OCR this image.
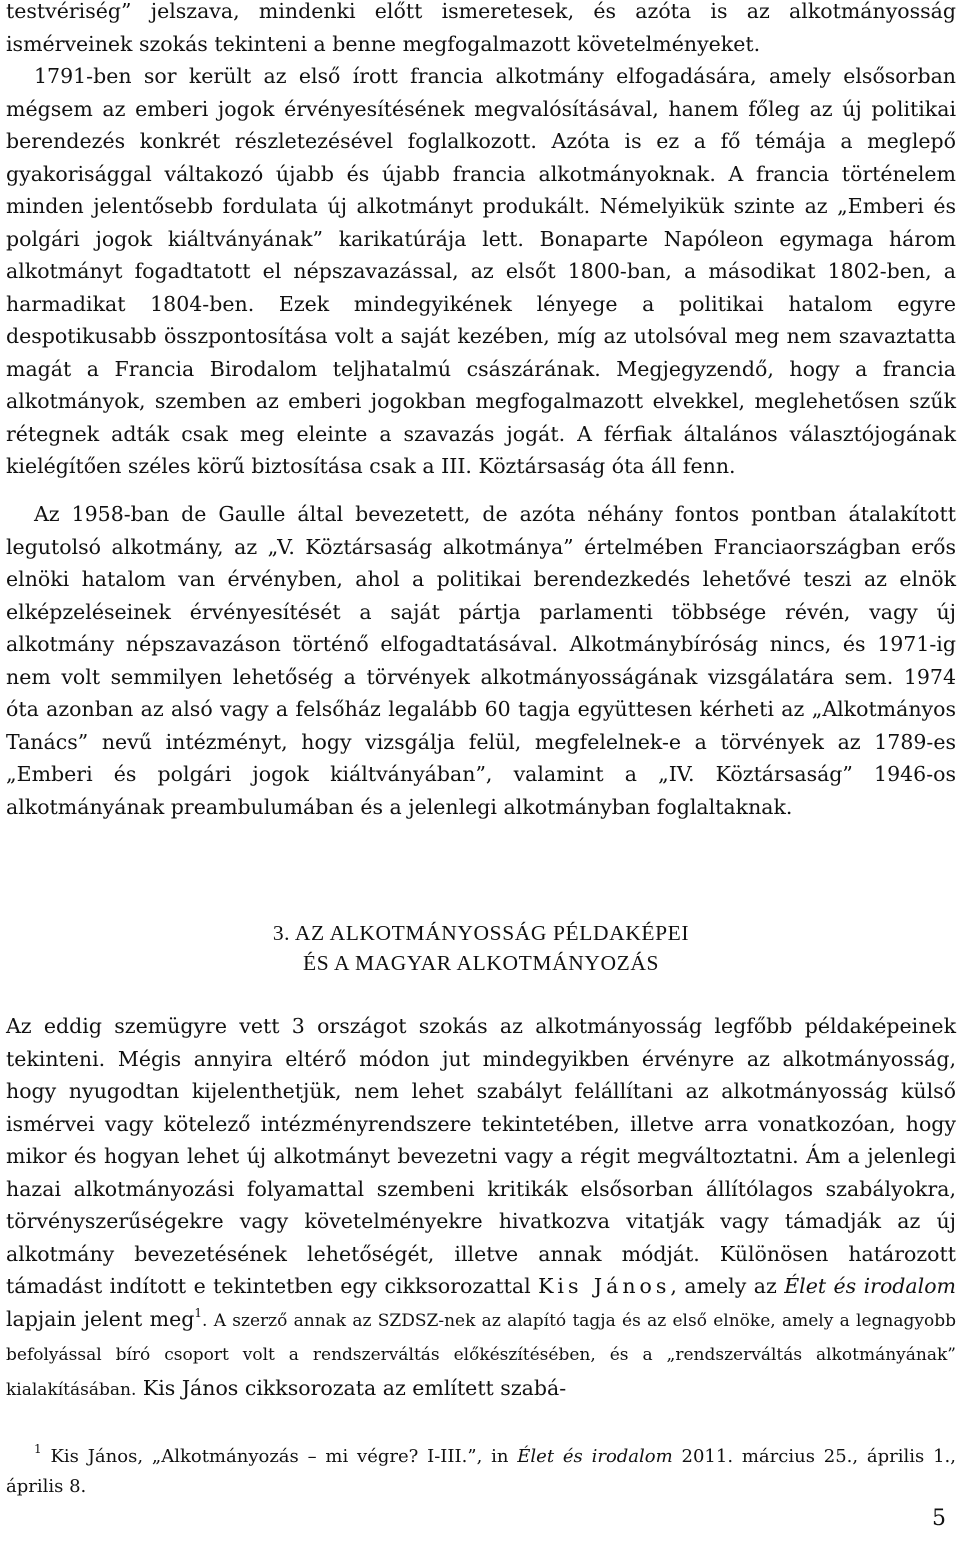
testvériség” jelszava, mindenki előtt ismeretesek, és azóta is az alkotmányosság ismérveinek szokás tekinteni a benne megfogalmazott követelményeket.

1791-ben sor került az első írott francia alkotmány elfogadására, amely elsősorban mégsem az emberi jogok érvényesítésének megvalósításával, hanem főleg az új politikai berendezés konkrét részletezésével foglalkozott. Azóta is ez a fő témája a meglepő gyakorisággal váltakozó újabb és újabb francia alkotmányoknak. A francia történelem minden jelentősebb fordulata új alkotmányt produkált. Némelyikük szinte az „Emberi és polgári jogok kiáltványának” karikatúrája lett. Bonaparte Napóleon egymaga három alkotmányt fogadtatott el népszavazással, az elsőt 1800-ban, a másodikat 1802-ben, a harmadikat 1804-ben. Ezek mindegyikének lényege a politikai hatalom egyre despotikusabb összpontosítása volt a saját kezében, míg az utolsóval meg nem szavaztatta magát a Francia Birodalom teljhatalmú császárának. Megjegyzendő, hogy a francia alkotmányok, szemben az emberi jogokban megfogalmazott elvekkel, meglehetősen szűk rétegnek adták csak meg eleinte a szavazás jogát. A férfiak általános választójogának kielégítően széles körű biztosítása csak a III. Köztársaság óta áll fenn.

Az 1958-ban de Gaulle által bevezetett, de azóta néhány fontos pontban átalakított legutolsó alkotmány, az „V. Köztársaság alkotmánya” értelmében Franciaországban erős elnöki hatalom van érvényben, ahol a politikai berendezkedés lehetővé teszi az elnök elképzeléseinek érvényesítését a saját pártja parlamenti többsége révén, vagy új alkotmány népszavazáson történő elfogadtatásával. Alkotmánybíróság nincs, és 1971-ig nem volt semmilyen lehetőség a törvények alkotmányosságának vizsgálatára sem. 1974 óta azonban az alsó vagy a felsőház legalább 60 tagja együttesen kérheti az „Alkotmányos Tanács” nevű intézményt, hogy vizsgálja felül, megfelelnek-e a törvények az 1789-es „Emberi és polgári jogok kiáltványában”, valamint a „IV. Köztársaság” 1946-os alkotmányának preambulumában és a jelenlegi alkotmányban foglaltaknak.

3. AZ ALKOTMÁNYOSSÁG PÉLDAKÉPEI
ÉS A MAGYAR ALKOTMÁNYOZÁS

Az eddig szemügyre vett 3 országot szokás az alkotmányosság legfőbb példaképeinek tekinteni. Mégis annyira eltérő módon jut mindegyikben érvényre az alkotmányosság, hogy nyugodtan kijelenthetjük, nem lehet szabályt felállítani az alkotmányosság külső ismérvei vagy kötelező intézményrendszere tekintetében, illetve arra vonatkozóan, hogy mikor és hogyan lehet új alkotmányt bevezetni vagy a régit megváltoztatni. Ám a jelenlegi hazai alkotmányozási folyamattal szembeni kritikák elsősorban állítólagos szabályokra, törvényszerűségekre vagy követelményekre hivatkozva vitatják vagy támadják az új alkotmány bevezetésének lehetőségét, illetve annak módját. Különösen határozott támadást indított e tekintetben egy cikksorozattal Kis János, amely az Élet és irodalom lapjain jelent meg$^1$. A szerző annak az SZDSZ-nek az alapító tagja és az első elnöke, amely a legnagyobb befolyással bíró csoport volt a rendszerváltás előkészítésében, és a „rendszerváltás alkotmányának” kialakításában. Kis János cikksorozata az említett szabá-

$^1$ Kis János, „Alkotmányozás – mi végre? I-III.”, in Élet és irodalom 2011. március 25., április 1., április 8.

5
